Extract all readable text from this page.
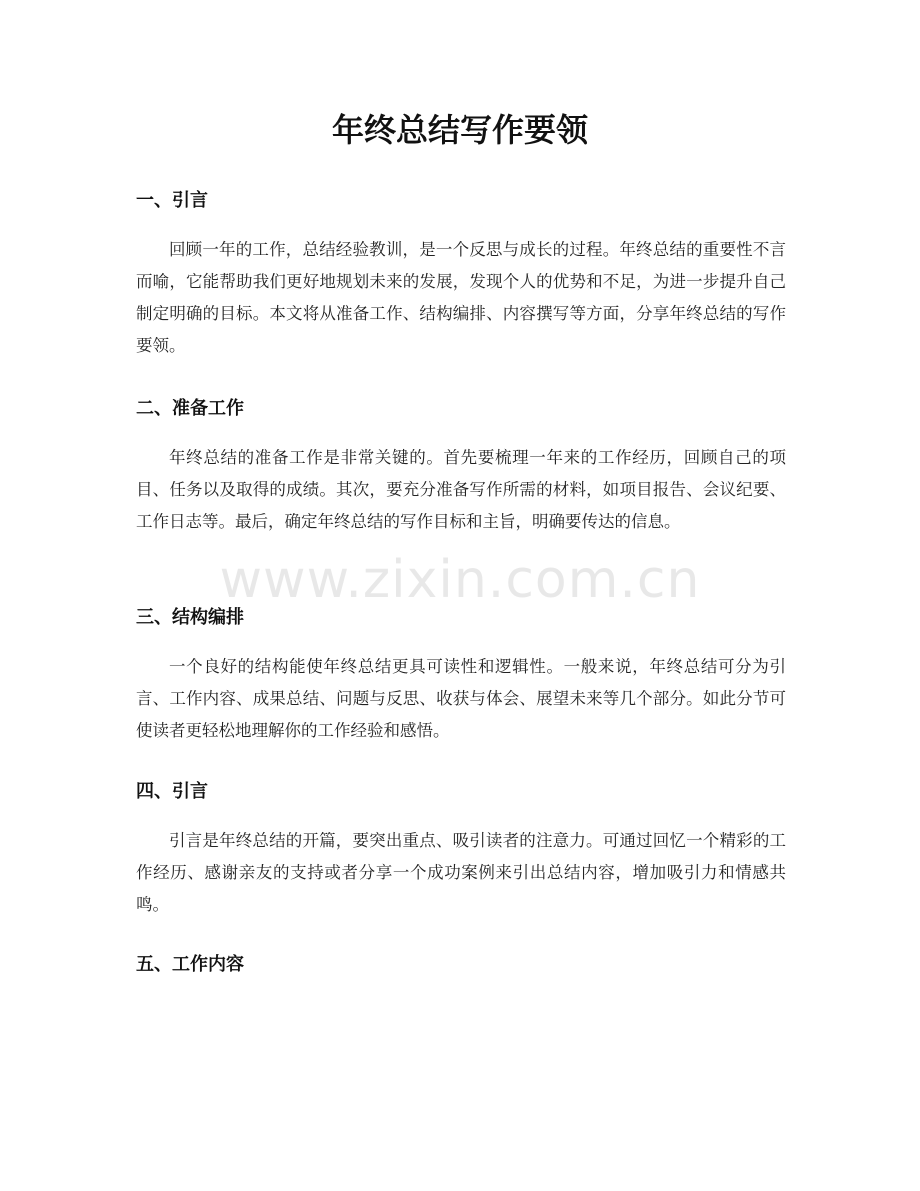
年终总结写作要领
一、引言

回顾一年的工作，总结经验教训，是一个反思与成长的过程。年终总结的重要性不言而喻，它能帮助我们更好地规划未来的发展，发现个人的优势和不足，为进一步提升自己制定明确的目标。本文将从准备工作、结构编排、内容撰写等方面，分享年终总结的写作要领。

二、准备工作

年终总结的准备工作是非常关键的。首先要梳理一年来的工作经历，回顾自己的项目、任务以及取得的成绩。其次，要充分准备写作所需的材料，如项目报告、会议纪要、工作日志等。最后，确定年终总结的写作目标和主旨，明确要传达的信息。

三、结构编排

一个良好的结构能使年终总结更具可读性和逻辑性。一般来说，年终总结可分为引言、工作内容、成果总结、问题与反思、收获与体会、展望未来等几个部分。如此分节可使读者更轻松地理解你的工作经验和感悟。

四、引言

引言是年终总结的开篇，要突出重点、吸引读者的注意力。可通过回忆一个精彩的工作经历、感谢亲友的支持或者分享一个成功案例来引出总结内容，增加吸引力和情感共鸣。

五、工作内容
www.zixin.com.cn
